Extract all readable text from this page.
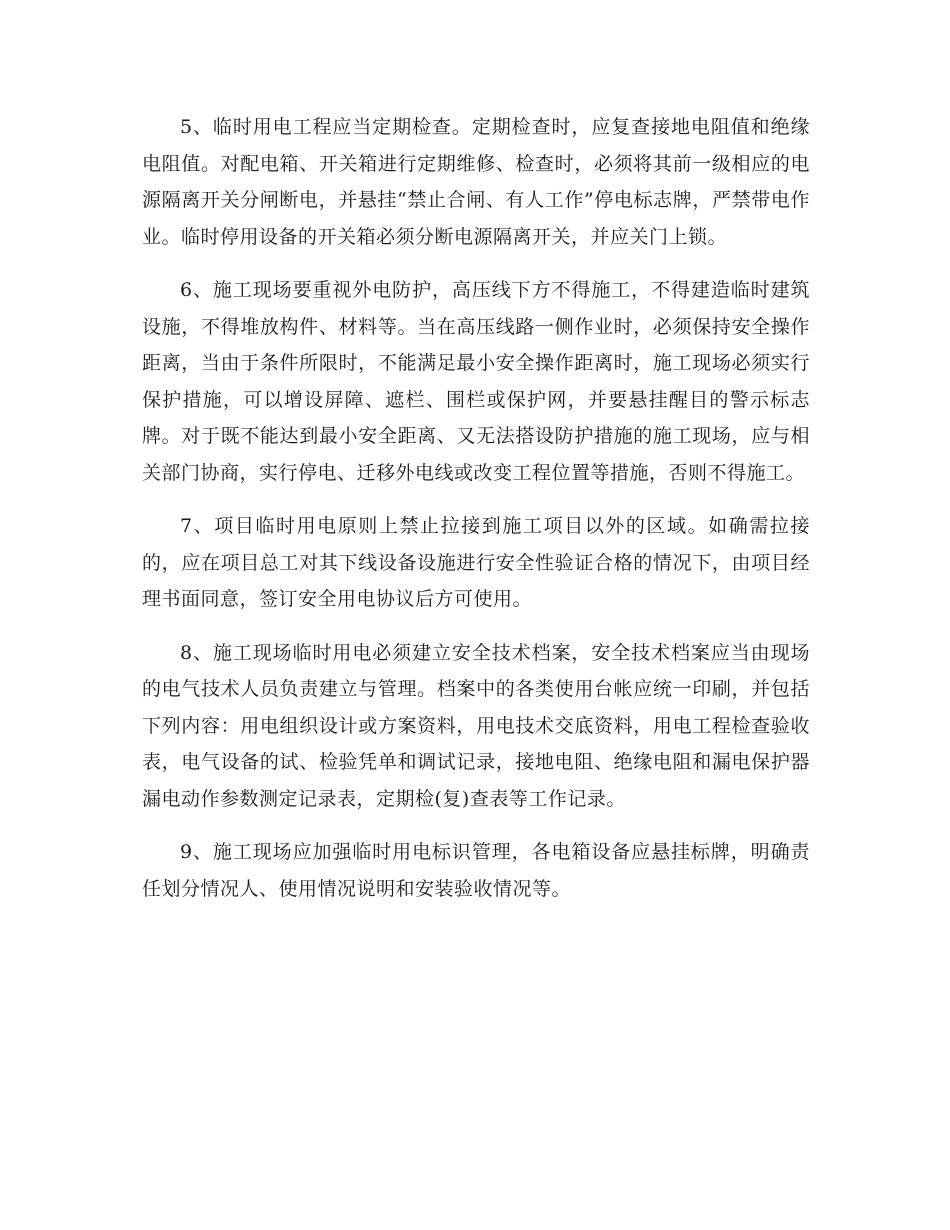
5、临时用电工程应当定期检查。定期检查时，应复查接地电阻值和绝缘电阻值。对配电箱、开关箱进行定期维修、检查时，必须将其前一级相应的电源隔离开关分闸断电，并悬挂“禁止合闸、有人工作”停电标志牌，严禁带电作业。临时停用设备的开关箱必须分断电源隔离开关，并应关门上锁。

6、施工现场要重视外电防护，高压线下方不得施工，不得建造临时建筑设施，不得堆放构件、材料等。当在高压线路一侧作业时，必须保持安全操作距离，当由于条件所限时，不能满足最小安全操作距离时，施工现场必须实行保护措施，可以增设屏障、遮栏、围栏或保护网，并要悬挂醒目的警示标志牌。对于既不能达到最小安全距离、又无法搭设防护措施的施工现场，应与相关部门协商，实行停电、迁移外电线或改变工程位置等措施，否则不得施工。

7、项目临时用电原则上禁止拉接到施工项目以外的区域。如确需拉接的，应在项目总工对其下线设备设施进行安全性验证合格的情况下，由项目经理书面同意，签订安全用电协议后方可使用。

8、施工现场临时用电必须建立安全技术档案，安全技术档案应当由现场的电气技术人员负责建立与管理。档案中的各类使用台帐应统一印刷，并包括下列内容：用电组织设计或方案资料，用电技术交底资料，用电工程检查验收表，电气设备的试、检验凭单和调试记录，接地电阻、绝缘电阻和漏电保护器漏电动作参数测定记录表，定期检(复)查表等工作记录。

9、施工现场应加强临时用电标识管理，各电箱设备应悬挂标牌，明确责任划分情况人、使用情况说明和安装验收情况等。
